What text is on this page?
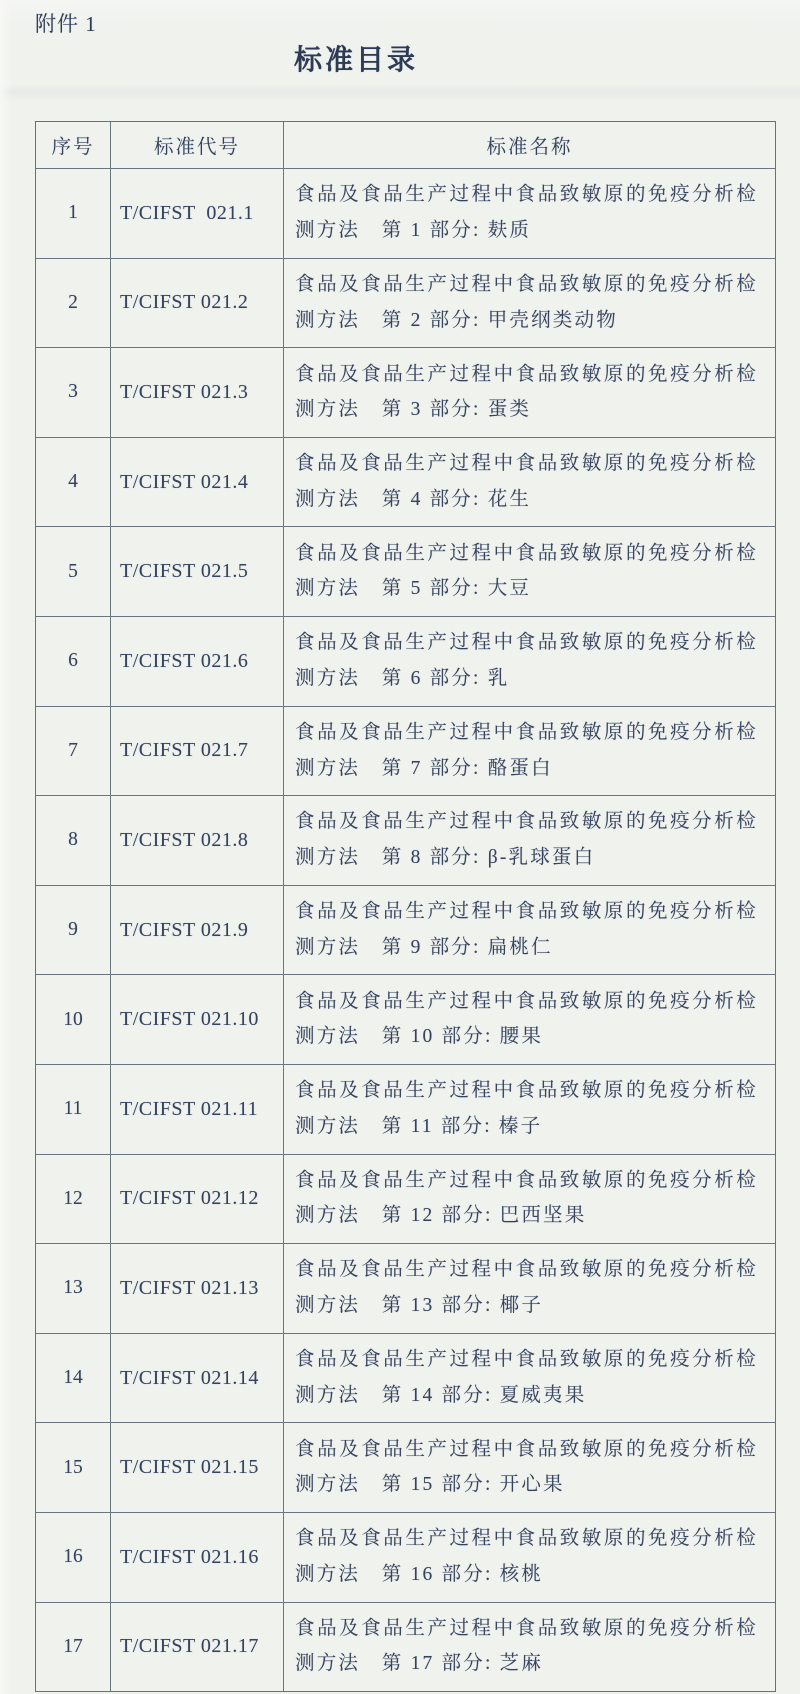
附件 1
标准目录
序号	标准代号	标准名称
1	T/CIFST  021.1
食品及食品生产过程中食品致敏原的免疫分析检
测方法　第 1 部分: 麸质
2	T/CIFST 021.2
食品及食品生产过程中食品致敏原的免疫分析检
测方法　第 2 部分: 甲壳纲类动物
3	T/CIFST 021.3
食品及食品生产过程中食品致敏原的免疫分析检
测方法　第 3 部分: 蛋类
4	T/CIFST 021.4
食品及食品生产过程中食品致敏原的免疫分析检
测方法　第 4 部分: 花生
5	T/CIFST 021.5
食品及食品生产过程中食品致敏原的免疫分析检
测方法　第 5 部分: 大豆
6	T/CIFST 021.6
食品及食品生产过程中食品致敏原的免疫分析检
测方法　第 6 部分: 乳
7	T/CIFST 021.7
食品及食品生产过程中食品致敏原的免疫分析检
测方法　第 7 部分: 酪蛋白
8	T/CIFST 021.8
食品及食品生产过程中食品致敏原的免疫分析检
测方法　第 8 部分: β-乳球蛋白
9	T/CIFST 021.9
食品及食品生产过程中食品致敏原的免疫分析检
测方法　第 9 部分: 扁桃仁
10	T/CIFST 021.10
食品及食品生产过程中食品致敏原的免疫分析检
测方法　第 10 部分: 腰果
11	T/CIFST 021.11
食品及食品生产过程中食品致敏原的免疫分析检
测方法　第 11 部分: 榛子
12	T/CIFST 021.12
食品及食品生产过程中食品致敏原的免疫分析检
测方法　第 12 部分: 巴西坚果
13	T/CIFST 021.13
食品及食品生产过程中食品致敏原的免疫分析检
测方法　第 13 部分: 椰子
14	T/CIFST 021.14
食品及食品生产过程中食品致敏原的免疫分析检
测方法　第 14 部分: 夏威夷果
15	T/CIFST 021.15
食品及食品生产过程中食品致敏原的免疫分析检
测方法　第 15 部分: 开心果
16	T/CIFST 021.16
食品及食品生产过程中食品致敏原的免疫分析检
测方法　第 16 部分: 核桃
17	T/CIFST 021.17
食品及食品生产过程中食品致敏原的免疫分析检
测方法　第 17 部分: 芝麻
